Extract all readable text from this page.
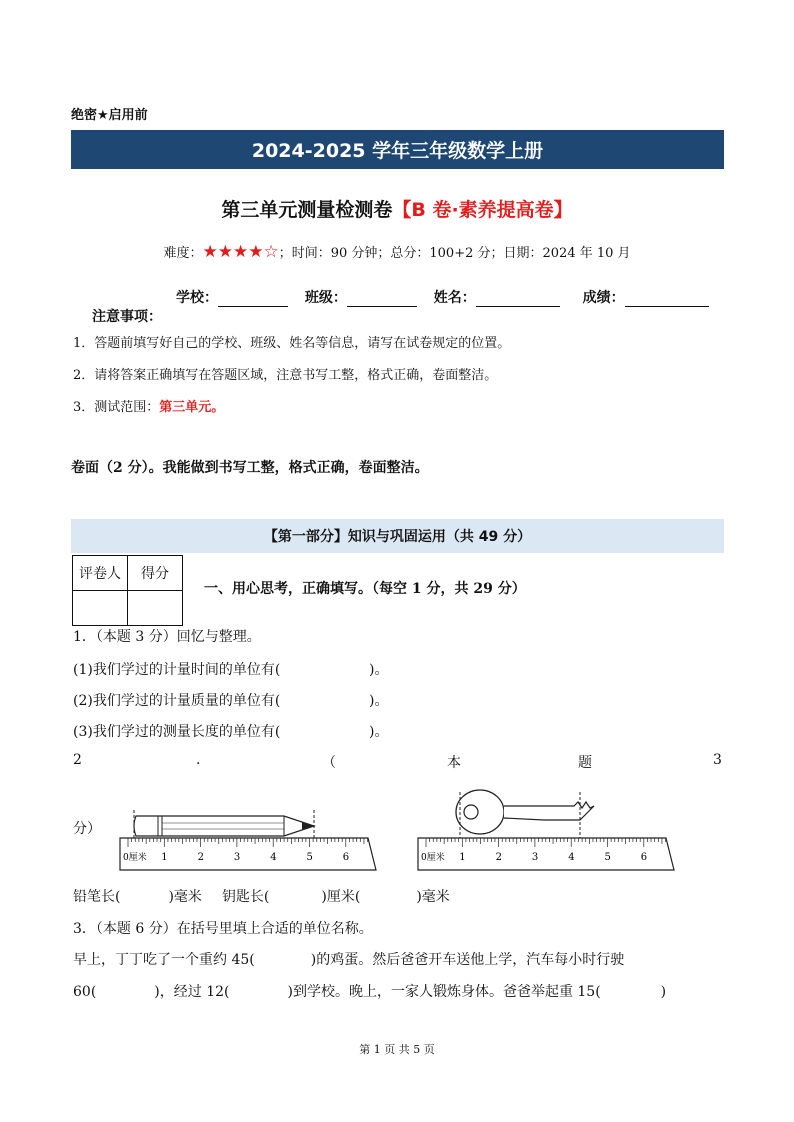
绝密★启用前
2024-2025 学年三年级数学上册
第三单元测量检测卷【B 卷·素养提高卷】
难度：★★★★☆；时间：90 分钟；总分：100+2 分；日期：2024 年 10 月
学校：	班级：	姓名：	成绩：
注意事项：
1．答题前填写好自己的学校、班级、姓名等信息，请写在试卷规定的位置。
2．请将答案正确填写在答题区域，注意书写工整，格式正确，卷面整洁。
3．测试范围：第三单元。
卷面（2 分）。我能做到书写工整，格式正确，卷面整洁。
【第一部分】知识与巩固运用（共 49 分）
评卷人	得分

一、用心思考，正确填写。（每空 1 分，共 29 分）
1．（本题 3 分）回忆与整理。
(1)我们学过的计量时间的单位有(	)。
(2)我们学过的计量质量的单位有(	)。
(3)我们学过的测量长度的单位有(	)。
2	.	（	本	题	3
分）
0厘米 1	2	3	4	5	6	0厘米 1	2	3	4	5	6
铅笔长(	)毫米 钥匙长(	)厘米(	)毫米
3．（本题 6 分）在括号里填上合适的单位名称。
早上，丁丁吃了一个重约 45(	)的鸡蛋。然后爸爸开车送他上学，汽车每小时行驶
60(	)，经过 12(	)到学校。晚上，一家人锻炼身体。爸爸举起重 15(	)
第 1 页 共 5 页
